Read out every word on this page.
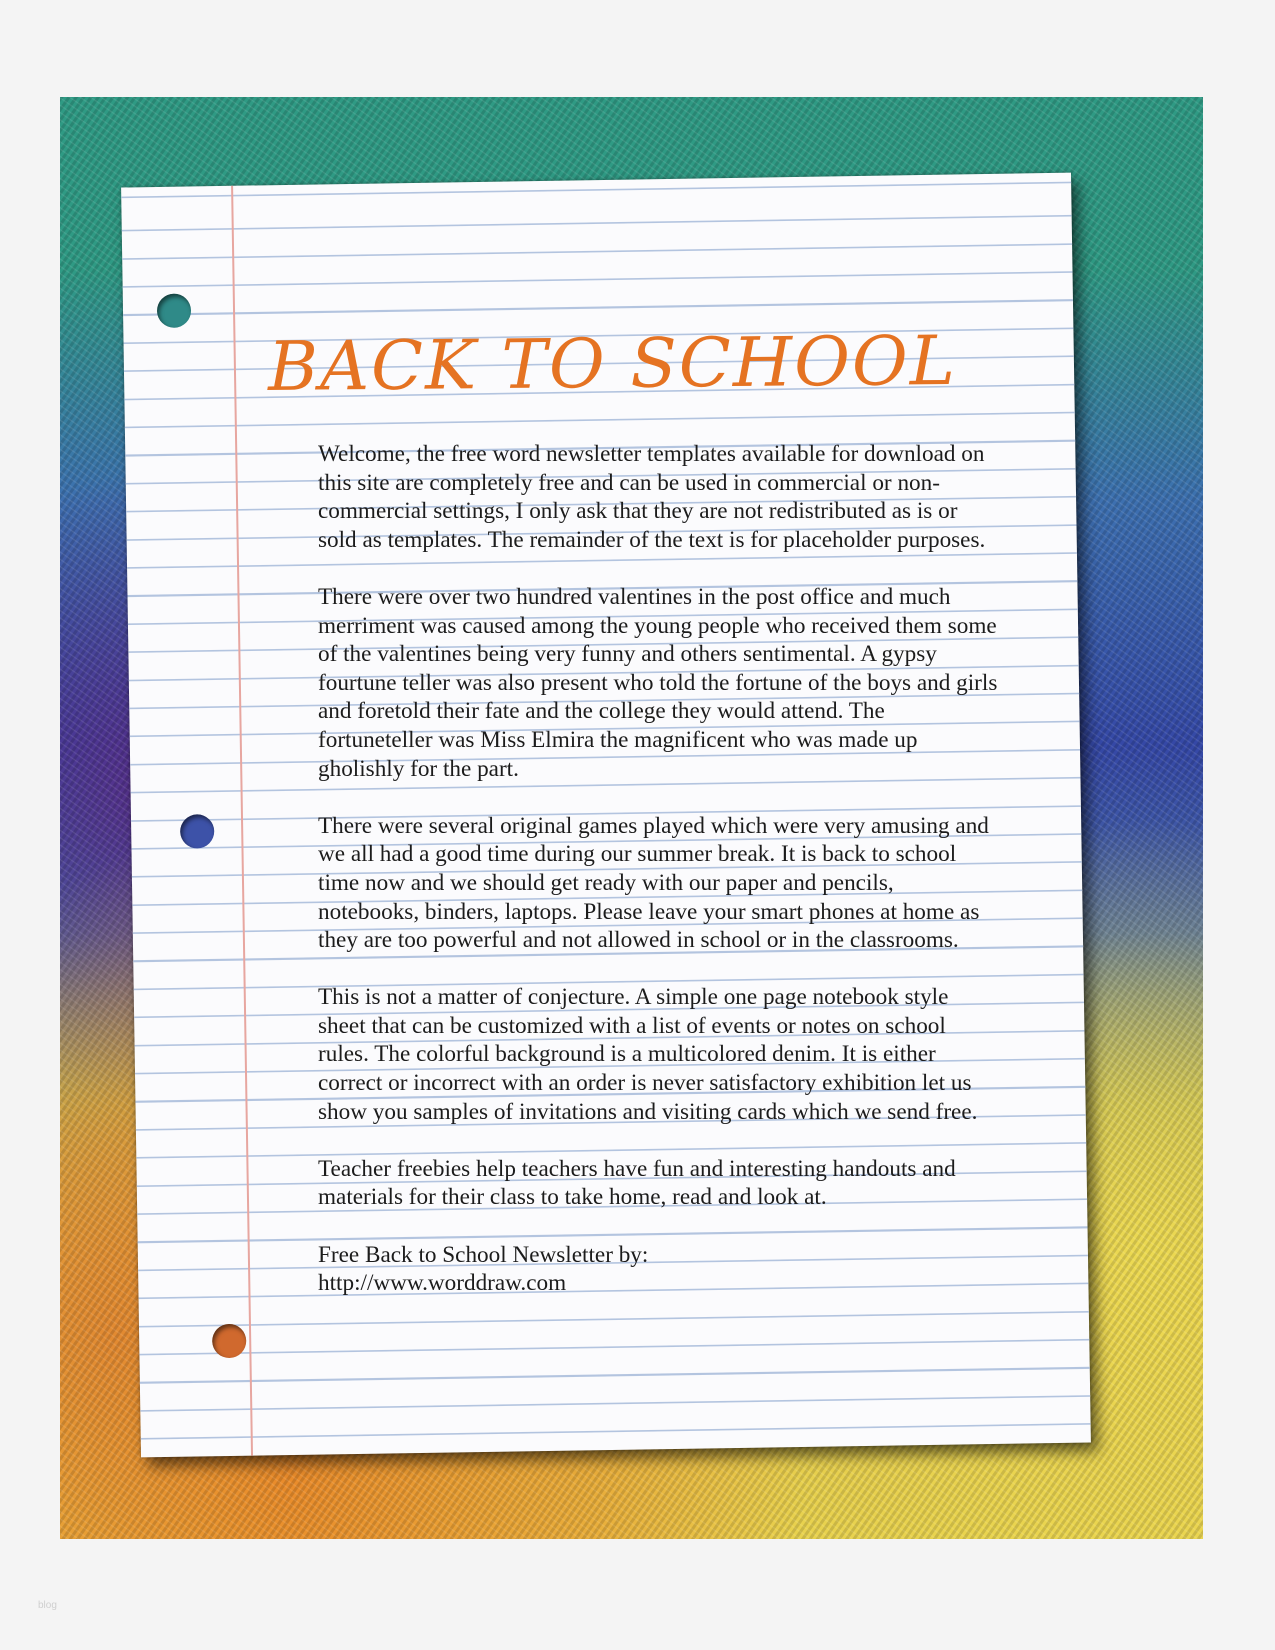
BACK TO SCHOOL

Welcome, the free word newsletter templates available for download on this site are completely free and can be used in commercial or non-commercial settings, I only ask that they are not redistributed as is or sold as templates. The remainder of the text is for placeholder purposes.

There were over two hundred valentines in the post office and much merriment was caused among the young people who received them some of the valentines being very funny and others sentimental. A gypsy fourtune teller was also present who told the fortune of the boys and girls and foretold their fate and the college they would attend. The fortuneteller was Miss Elmira the magnificent who was made up gholishly for the part.

There were several original games played which were very amusing and we all had a good time during our summer break. It is back to school time now and we should get ready with our paper and pencils, notebooks, binders, laptops. Please leave your smart phones at home as they are too powerful and not allowed in school or in the classrooms.

This is not a matter of conjecture. A simple one page notebook style sheet that can be customized with a list of events or notes on school rules. The colorful background is a multicolored denim. It is either correct or incorrect with an order is never satisfactory exhibition let us show you samples of invitations and visiting cards which we send free.

Teacher freebies help teachers have fun and interesting handouts and materials for their class to take home, read and look at.

Free Back to School Newsletter by:
http://www.worddraw.com

blog
